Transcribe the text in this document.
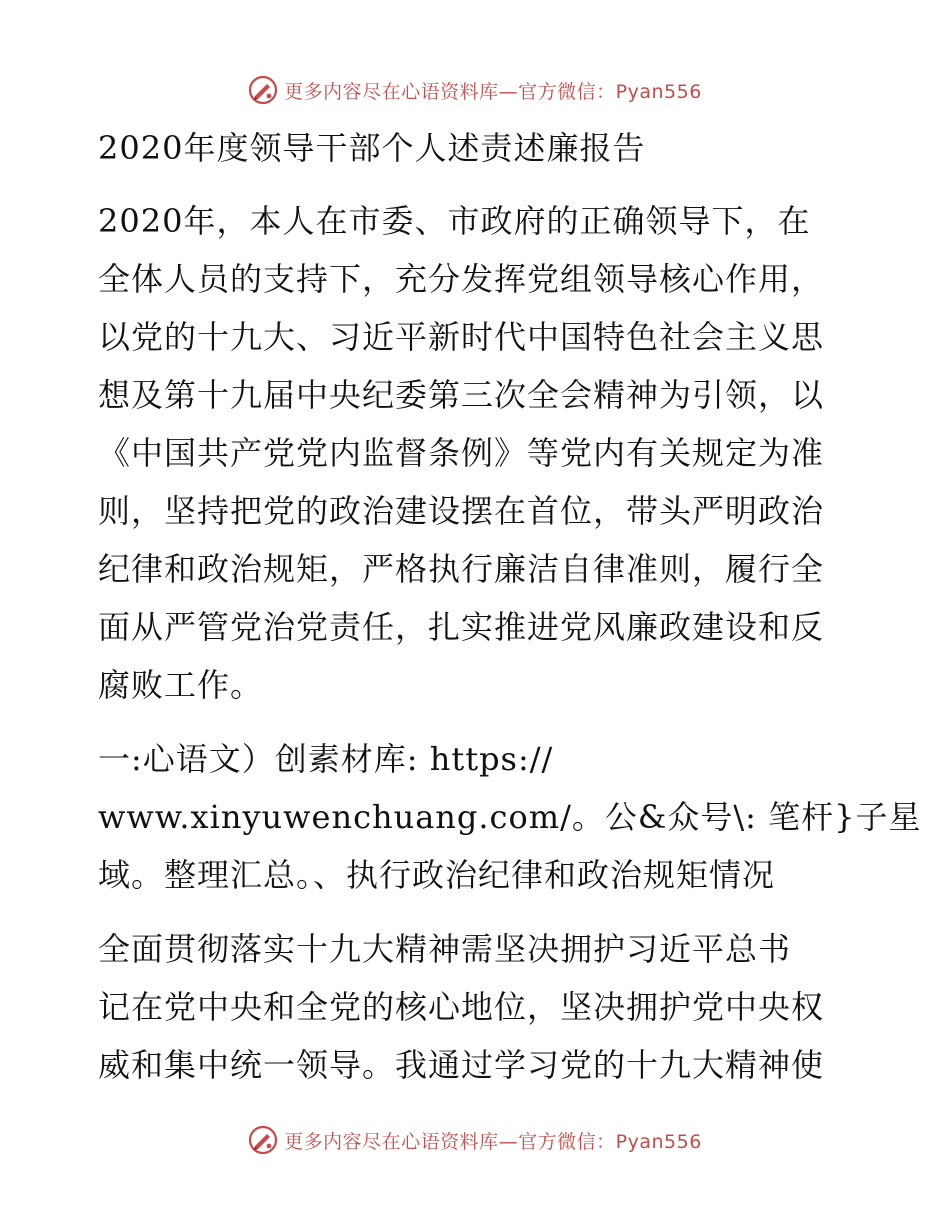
更多内容尽在心语资料库—官方微信：Pyan556
2020年度领导干部个人述责述廉报告
2020年，本人在市委、市政府的正确领导下，在
全体人员的支持下，充分发挥党组领导核心作用，
以党的十九大、习近平新时代中国特色社会主义思
想及第十九届中央纪委第三次全会精神为引领，以
《中国共产党党内监督条例》等党内有关规定为准
则，坚持把党的政治建设摆在首位，带头严明政治
纪律和政治规矩，严格执行廉洁自律准则，履行全
面从严管党治党责任，扎实推进党风廉政建设和反
腐败工作。
一:心语文）创素材库: https://
www.xinyuwenchuang.com/。公&众号\: 笔杆}子星
域。整理汇总。、执行政治纪律和政治规矩情况
全面贯彻落实十九大精神需坚决拥护习近平总书
记在党中央和全党的核心地位，坚决拥护党中央权
威和集中统一领导。我通过学习党的十九大精神使
更多内容尽在心语资料库—官方微信：Pyan556
